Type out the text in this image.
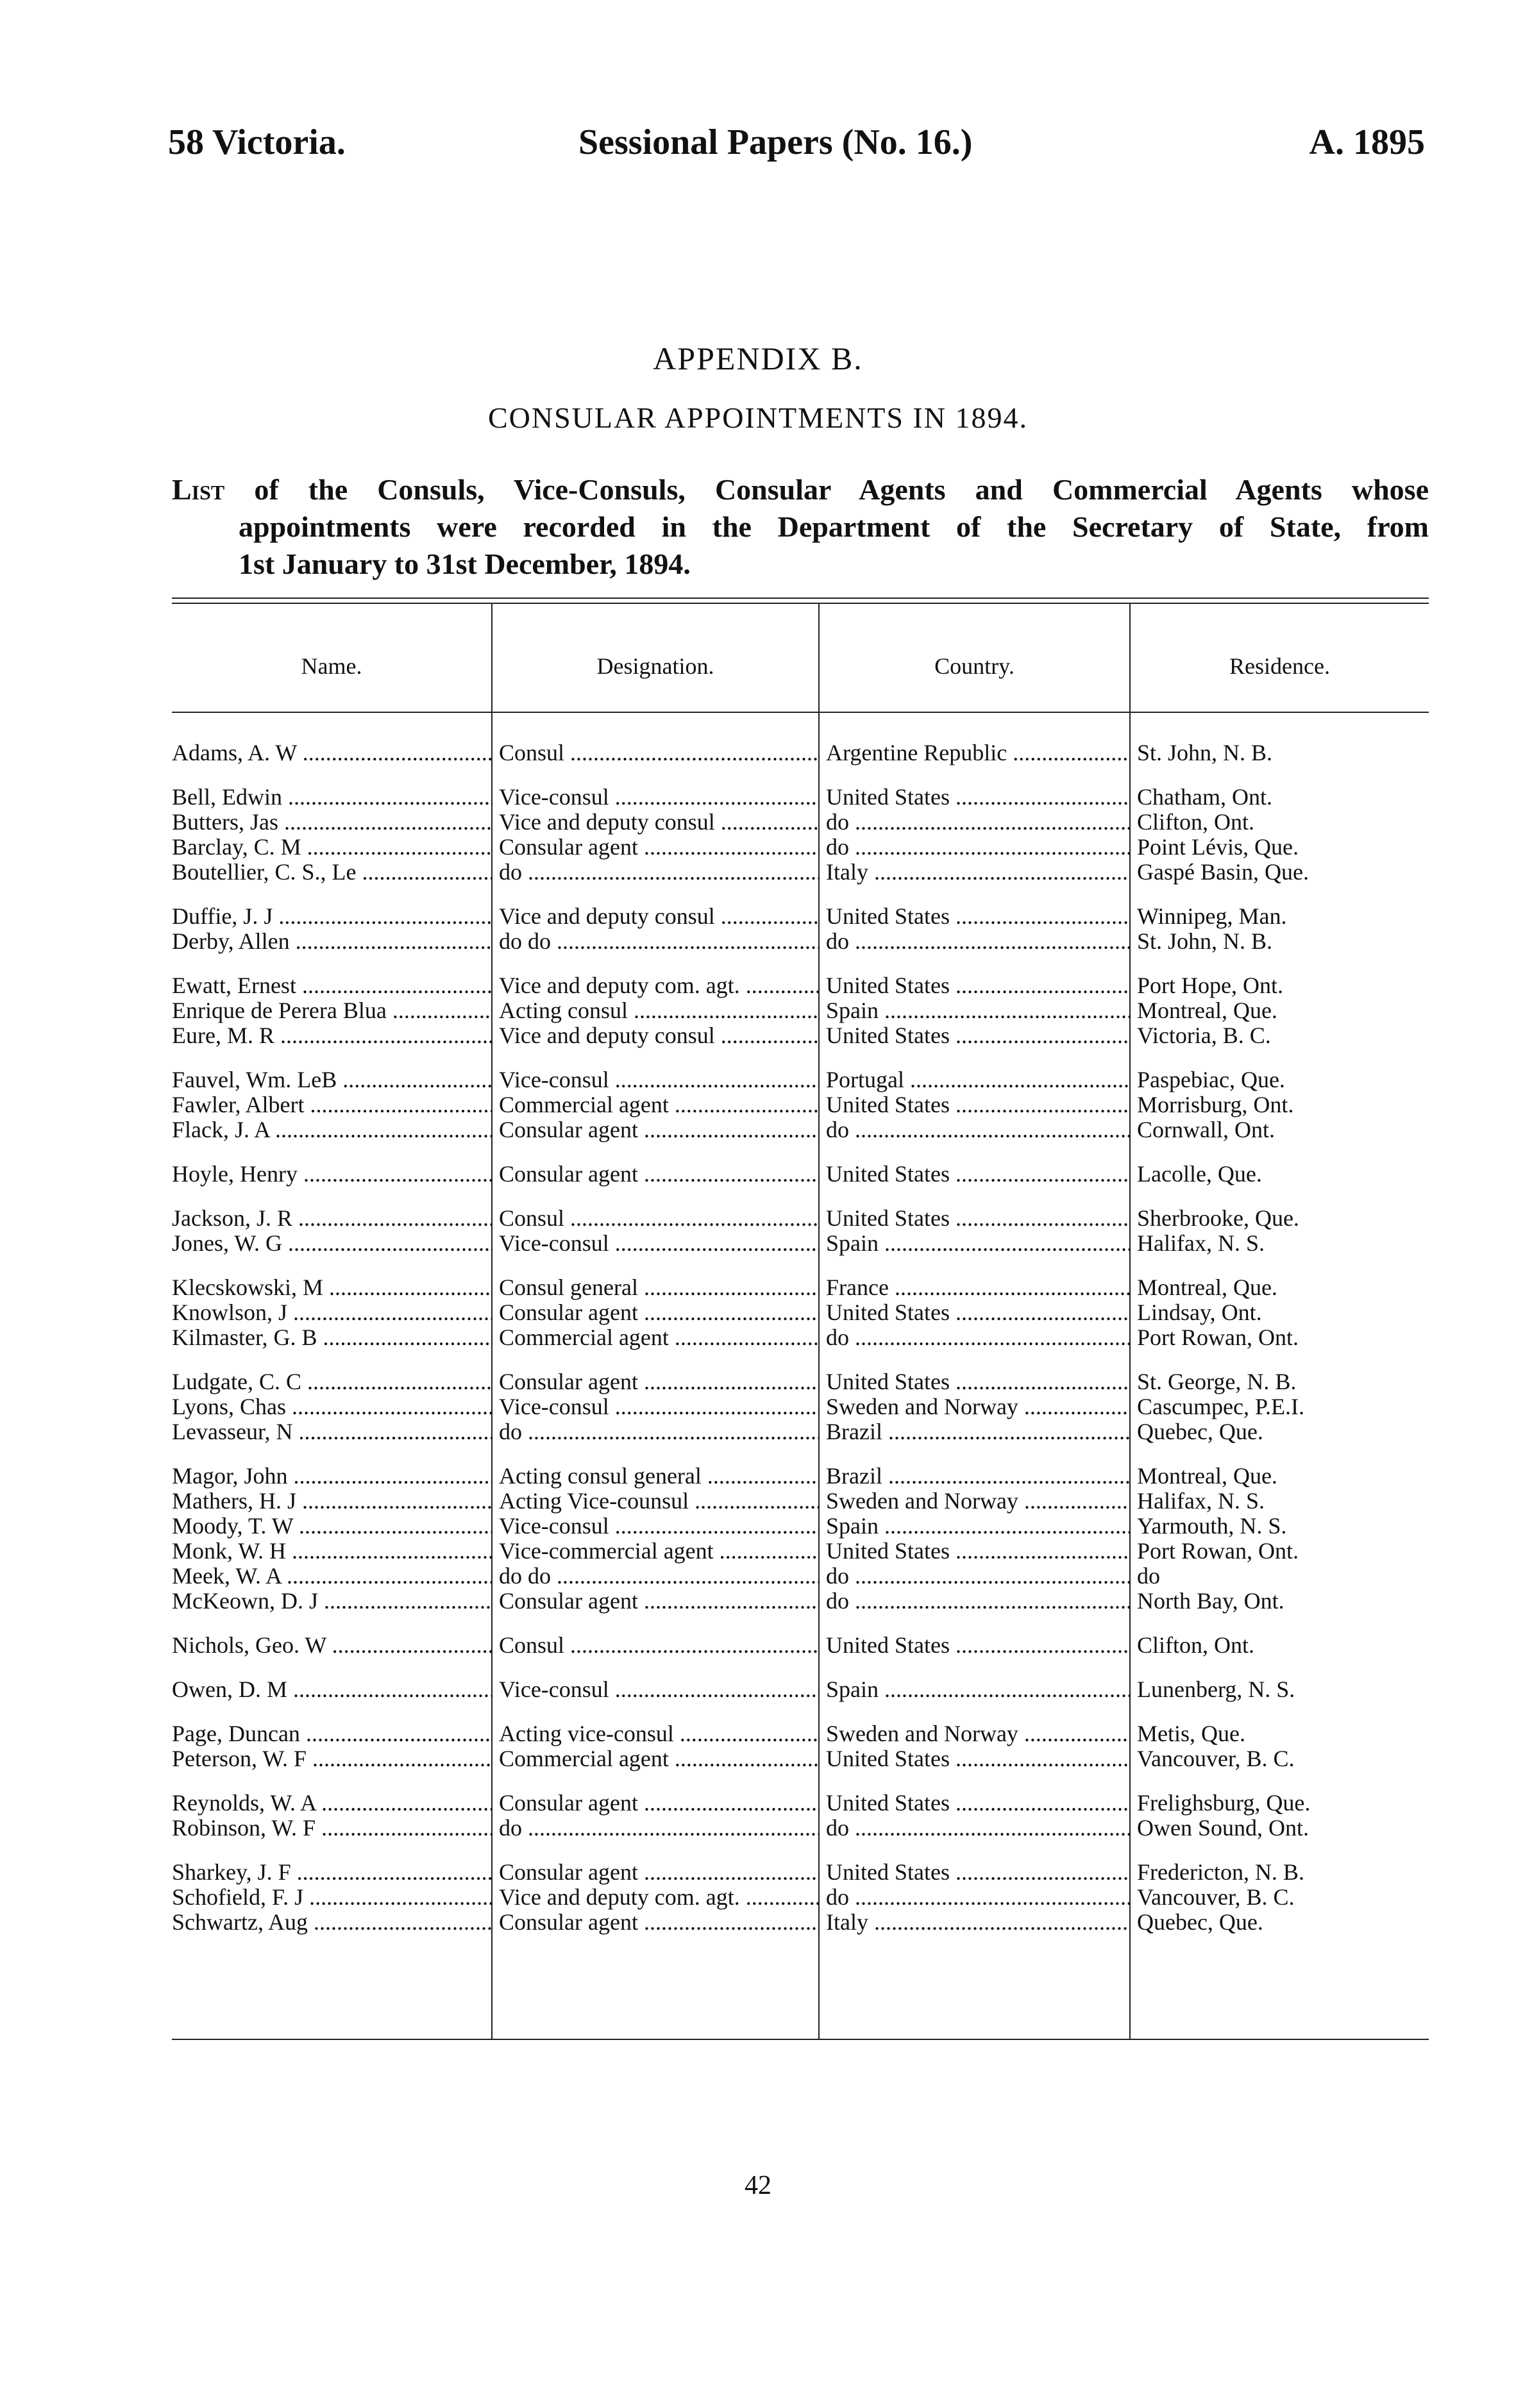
58 Victoria.	Sessional Papers (No. 16.)	A. 1895
APPENDIX B.
CONSULAR APPOINTMENTS IN 1894.
List of the Consuls, Vice-Consuls, Consular Agents and Commercial Agents whose
appointments were recorded in the Department of the Secretary of State, from
1st January to 31st December, 1894.
Name.	Designation.	Country.	Residence.
Adams, A. W .....	Consul .....	Argentine Republic .....	St. John, N. B.
Bell, Edwin .....	Vice-consul .....	United States .....	Chatham, Ont.
Butters, Jas .....	Vice and deputy consul .....	do .....	Clifton, Ont.
Barclay, C. M .....	Consular agent .....	do .....	Point Lévis, Que.
Boutellier, C. S., Le .....	do .....	Italy .....	Gaspé Basin, Que.
Duffie, J. J .....	Vice and deputy consul .....	United States .....	Winnipeg, Man.
Derby, Allen .....	do do .....	do .....	St. John, N. B.
Ewatt, Ernest .....	Vice and deputy com. agt. .....	United States .....	Port Hope, Ont.
Enrique de Perera Blua .....	Acting consul .....	Spain .....	Montreal, Que.
Eure, M. R .....	Vice and deputy consul .....	United States .....	Victoria, B. C.
Fauvel, Wm. LeB .....	Vice-consul .....	Portugal .....	Paspebiac, Que.
Fawler, Albert .....	Commercial agent .....	United States .....	Morrisburg, Ont.
Flack, J. A .....	Consular agent .....	do .....	Cornwall, Ont.
Hoyle, Henry .....	Consular agent .....	United States .....	Lacolle, Que.
Jackson, J. R .....	Consul .....	United States .....	Sherbrooke, Que.
Jones, W. G .....	Vice-consul .....	Spain .....	Halifax, N. S.
Klecskowski, M .....	Consul general .....	France .....	Montreal, Que.
Knowlson, J .....	Consular agent .....	United States .....	Lindsay, Ont.
Kilmaster, G. B .....	Commercial agent .....	do .....	Port Rowan, Ont.
Ludgate, C. C .....	Consular agent .....	United States .....	St. George, N. B.
Lyons, Chas .....	Vice-consul .....	Sweden and Norway .....	Cascumpec, P.E.I.
Levasseur, N .....	do .....	Brazil .....	Quebec, Que.
Magor, John .....	Acting consul general .....	Brazil .....	Montreal, Que.
Mathers, H. J .....	Acting Vice-counsul .....	Sweden and Norway .....	Halifax, N. S.
Moody, T. W .....	Vice-consul .....	Spain .....	Yarmouth, N. S.
Monk, W. H .....	Vice-commercial agent .....	United States .....	Port Rowan, Ont.
Meek, W. A .....	do do .....	do .....	do
McKeown, D. J .....	Consular agent .....	do .....	North Bay, Ont.
Nichols, Geo. W .....	Consul .....	United States .....	Clifton, Ont.
Owen, D. M .....	Vice-consul .....	Spain .....	Lunenberg, N. S.
Page, Duncan .....	Acting vice-consul .....	Sweden and Norway .....	Metis, Que.
Peterson, W. F .....	Commercial agent .....	United States .....	Vancouver, B. C.
Reynolds, W. A .....	Consular agent .....	United States .....	Frelighsburg, Que.
Robinson, W. F .....	do .....	do .....	Owen Sound, Ont.
Sharkey, J. F .....	Consular agent .....	United States .....	Fredericton, N. B.
Schofield, F. J .....	Vice and deputy com. agt. .....	do .....	Vancouver, B. C.
Schwartz, Aug .....	Consular agent .....	Italy .....	Quebec, Que.
42
